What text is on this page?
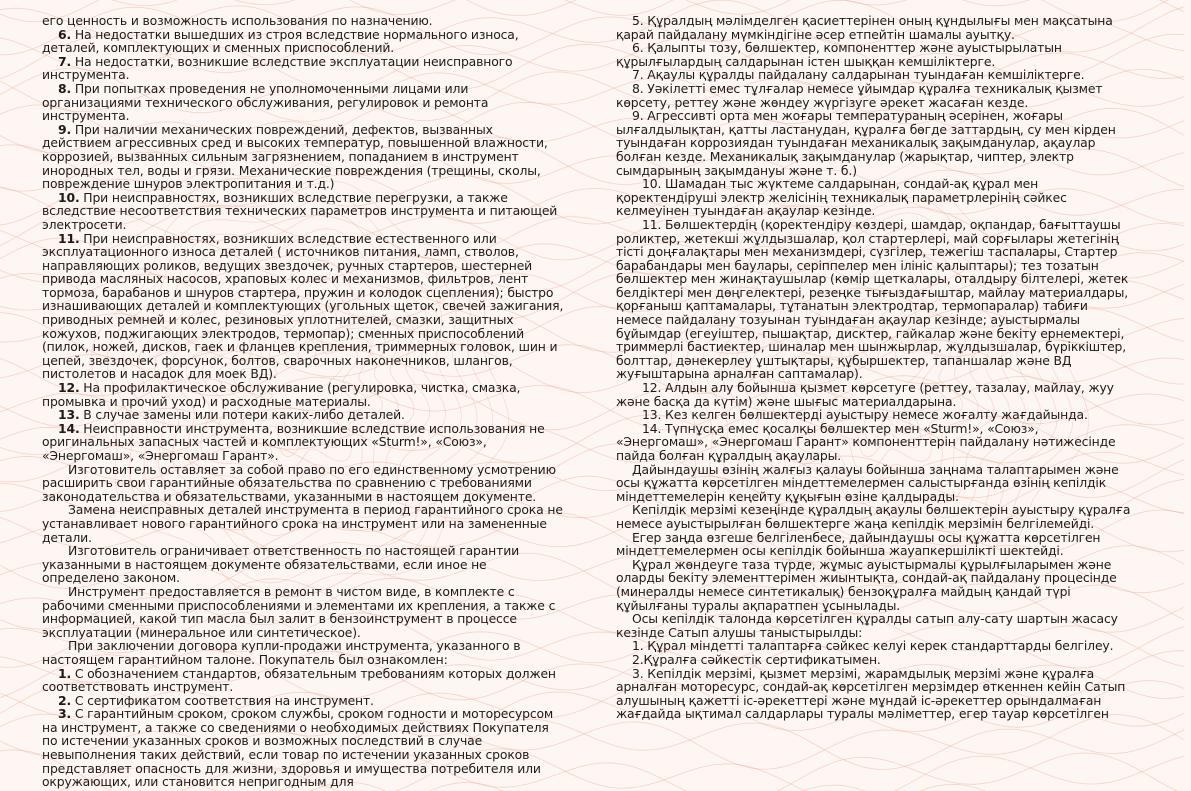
его ценность и возможность использования по назначению.

6. На недостатки вышедших из строя вследствие нормального износа, деталей, комплектующих и сменных приспособлений.

7. На недостатки, возникшие вследствие эксплуатации неисправного инструмента.

8. При попытках проведения не уполномоченными лицами или организациями технического обслуживания, регулировок и ремонта инструмента.

9. При наличии механических повреждений, дефектов, вызванных действием агрессивных сред и высоких температур, повышенной влажности, коррозией, вызванных сильным загрязнением, попаданием в инструмент инородных тел, воды и грязи. Механические повреждения (трещины, сколы, повреждение шнуров электропитания и т.д.)

10. При неисправностях, возникших вследствие перегрузки, а также вследствие несоответствия технических параметров инструмента и питающей электросети.

11. При неисправностях, возникших вследствие естественного или эксплуатационного износа деталей ( источников питания, ламп, стволов, направляющих роликов, ведущих звездочек, ручных стартеров, шестерней привода масляных насосов, храповых колес и механизмов, фильтров, лент тормоза, барабанов и шнуров стартера, пружин и колодок сцепления); быстро изнашивающих деталей и комплектующих (угольных щеток, свечей зажигания, приводных ремней и колес, резиновых уплотнителей, смазки, защитных кожухов, поджигающих электродов, термопар); сменных приспособлений (пилок, ножей, дисков, гаек и фланцев крепления, триммерных головок, шин и цепей, звездочек, форсунок, болтов, сварочных наконечников, шлангов, пистолетов и насадок для моек ВД).

12. На профилактическое обслуживание (регулировка, чистка, смазка, промывка и прочий уход) и расходные материалы.

13. В случае замены или потери каких-либо деталей.

14. Неисправности инструмента, возникшие вследствие использования не оригинальных запасных частей и комплектующих «Sturm!», «Союз», «Энергомаш», «Энергомаш Гарант».

Изготовитель оставляет за собой право по его единственному усмотрению расширить свои гарантийные обязательства по сравнению с требованиями законодательства и обязательствами, указанными в настоящем документе.

Замена неисправных деталей инструмента в период гарантийного срока не устанавливает нового гарантийного срока на инструмент или на замененные детали.

Изготовитель ограничивает ответственность по настоящей гарантии указанными в настоящем документе обязательствами, если иное не определено законом.

Инструмент предоставляется в ремонт в чистом виде, в комплекте с рабочими сменными приспособлениями и элементами их крепления, а также с информацией, какой тип масла был залит в бензоинструмент в процессе эксплуатации (минеральное или синтетическое).

При заключении договора купли-продажи инструмента, указанного в настоящем гарантийном талоне. Покупатель был ознакомлен:

1. С обозначением стандартов, обязательным требованиям которых должен соответствовать инструмент.

2. С сертификатом соответствия на инструмент.

3. С гарантийным сроком, сроком службы, сроком годности и моторесурсом на инструмент, а также со сведениями о необходимых действиях Покупателя по истечении указанных сроков и возможных последствий в случае невыполнения таких действий, если товар по истечении указанных сроков представляет опасность для жизни, здоровья и имущества потребителя или окружающих, или становится непригодным для

5. Құралдың мәлімделген қасиеттерінен оның құндылығы мен мақсатына қарай пайдалану мүмкіндігіне әсер етпейтін шамалы ауытқу.

6. Қалыпты тозу, бөлшектер, компоненттер және ауыстырылатын құрылғылардың салдарынан істен шыққан кемшіліктерге.

7. Ақаулы құралды пайдалану салдарынан туындаған кемшіліктерге.

8. Уәкілетті емес тұлғалар немесе ұйымдар құралға техникалық қызмет көрсету, реттеу және жөндеу жүргізуге әрекет жасаған кезде.

9. Агрессивті орта мен жоғары температураның әсерінен, жоғары ылғалдылықтан, қатты ластанудан, құралға бөгде заттардың, су мен кірден туындаған коррозиядан туындаған механикалық зақымданулар, ақаулар болған кезде. Механикалық зақымданулар (жарықтар, чиптер, электр сымдарының зақымдануы және т. б.)

10. Шамадан тыс жүктеме салдарынан, сондай-ақ құрал мен қоректендіруші электр желісінің техникалық параметрлерінің сәйкес келмеуінен туындаған ақаулар кезінде.

11. Бөлшектердің (қоректендіру көздері, шамдар, оқпандар, бағыттаушы роликтер, жетекші жұлдызшалар, қол стартерлері, май сорғылары жетегінің тісті доңғалақтары мен механизмдері, сүзгілер, тежегіш таспалары, Стартер барабандары мен баулары, серіппелер мен ілініс қалыптары); тез тозатын бөлшектер мен жинақтаушылар (көмір щеткалары, оталдыру білтелері, жетек белдіктері мен дөңгелектері, резеңке тығыздағыштар, майлау материалдары, қорғаныш қаптамалары, тұтанатын электродтар, термопаралар) табиғи немесе пайдалану тозуынан туындаған ақаулар кезінде; ауыстырмалы бұйымдар (егеуіштер, пышақтар, дисктер, гайкалар және бекіту ернемектері, триммерлі бастиектер, шиналар мен шынжырлар, жұлдызшалар, бүріккіштер, болттар, дәнекерлеу ұштықтары, құбыршектер, тапаншалар және ВД жуғыштарына арналған саптамалар).

12. Алдын алу бойынша қызмет көрсетуге (реттеу, тазалау, майлау, жуу және басқа да күтім) және шығыс материалдарына.

13. Кез келген бөлшектерді ауыстыру немесе жоғалту жағдайында.

14. Түпнұсқа емес қосалқы бөлшектер мен «Sturm!», «Союз», «Энергомаш», «Энергомаш Гарант» компоненттерін пайдалану нәтижесінде пайда болған құралдың ақаулары.

Дайындаушы өзінің жалғыз қалауы бойынша заңнама талаптарымен және осы құжатта көрсетілген міндеттемелермен салыстырғанда өзінің кепілдік міндеттемелерін кеңейту құқығын өзіне қалдырады.

Кепілдік мерзімі кезеңінде құралдың ақаулы бөлшектерін ауыстыру құралға немесе ауыстырылған бөлшектерге жаңа кепілдік мерзімін белгілемейді.

Егер заңда өзгеше белгіленбесе, дайындаушы осы құжатта көрсетілген міндеттемелермен осы кепілдік бойынша жауапкершілікті шектейді.

Құрал жөндеуге таза түрде, жұмыс ауыстырмалы құрылғыларымен және оларды бекіту элементтерімен жиынтықта, сондай-ақ пайдалану процесінде (минералды немесе синтетикалық) бензоқұралға майдың қандай түрі құйылғаны туралы ақпаратпен ұсынылады.

Осы кепілдік талонда көрсетілген құралды сатып алу-сату шартын жасасу кезінде Сатып алушы таныстырылды:

1. Құрал міндетті талаптарға сәйкес келуі керек стандарттарды белгілеу.

2.Құралға сәйкестік сертификатымен.

3. Кепілдік мерзімі, қызмет мерзімі, жарамдылық мерзімі және құралға арналған моторесурс, сондай-ақ көрсетілген мерзімдер өткеннен кейін Сатып алушының қажетті іс-әрекеттері және мұндай іс-әрекеттер орындалмаған жағдайда ықтимал салдарлары туралы мәліметтер, егер тауар көрсетілген
